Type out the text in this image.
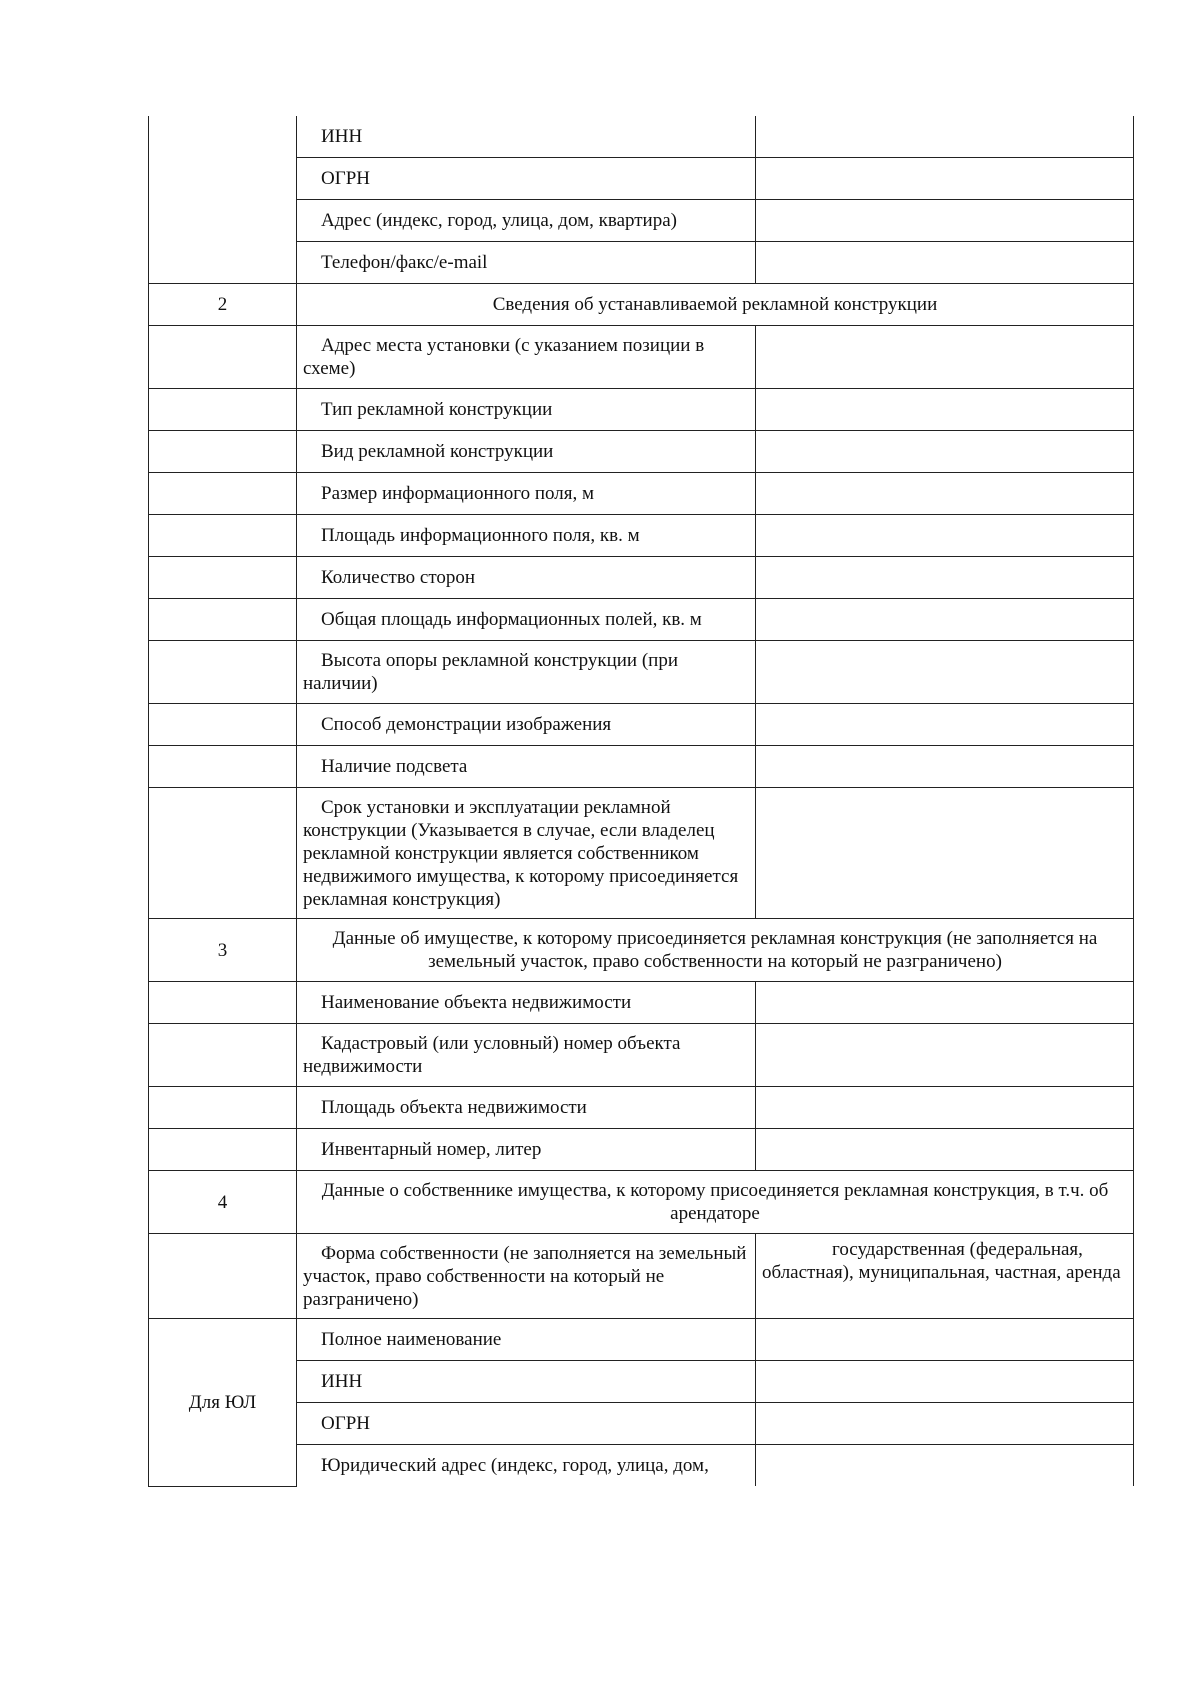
	ИНН	
	ОГРН	
	Адрес (индекс, город, улица, дом, квартира)	
	Телефон/факс/e-mail	
2	Сведения об устанавливаемой рекламной конструкции	
	Адрес места установки (с указанием позиции в схеме)	
	Тип рекламной конструкции	
	Вид рекламной конструкции	
	Размер информационного поля, м	
	Площадь информационного поля, кв. м	
	Количество сторон	
	Общая площадь информационных полей, кв. м	
	Высота опоры рекламной конструкции (при наличии)	
	Способ демонстрации изображения	
	Наличие подсвета	
	Срок установки и эксплуатации рекламной конструкции (Указывается в случае, если владелец рекламной конструкции является собственником недвижимого имущества, к которому присоединяется рекламная конструкция)	
3	Данные об имуществе, к которому присоединяется рекламная конструкция (не заполняется на земельный участок, право собственности на который не разграничено)	
	Наименование объекта недвижимости	
	Кадастровый (или условный) номер объекта недвижимости	
	Площадь объекта недвижимости	
	Инвентарный номер, литер	
4	Данные о собственнике имущества, к которому присоединяется рекламная конструкция, в т.ч. об арендаторе	
	Форма собственности (не заполняется на земельный участок, право собственности на который не разграничено)	государственная (федеральная, областная), муниципальная, частная, аренда
Для ЮЛ	Полное наименование	
	ИНН	
	ОГРН	
	Юридический адрес (индекс, город, улица, дом,	
